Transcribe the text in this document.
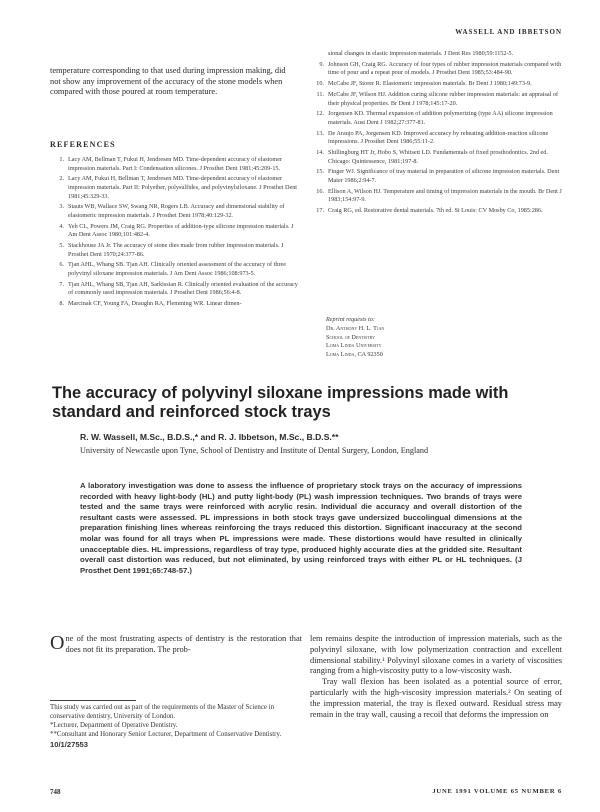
WASSELL AND IBBETSON
temperature corresponding to that used during impression making, did not show any improvement of the accuracy of the stone models when compared with those poured at room temperature.
REFERENCES
1. Lacy AM, Bellman T, Fukui H, Jendresen MD. Time-dependent accuracy of elastomer impression materials. Part I: Condensation silicones. J Prosthet Dent 1981;45:209-15.
2. Lacy AM, Fukui H, Bellman T, Jendresen MD. Time-dependent accuracy of elastomer impression materials. Part II: Polyether, polysulfides, and polyvinylsiloxane. J Prosthet Dent 1981;45:329-33.
3. Stauts WB, Wallace SW, Swang NR, Rogers LB. Accuracy and dimensional stability of elastomeric impression materials. J Prosthet Dent 1978;40:129-32.
4. Yeh CL, Powers JM, Craig RG. Properties of addition-type silicone impression materials. J Am Dent Assoc 1980;101:482-4.
5. Stackhouse JA Jr. The accuracy of stone dies made from rubber impression materials. J Prosthet Dent 1970;24:377-86.
6. Tjan AHL, Whang SB. Tjan AH. Clinically oriented assessment of the accuracy of three polyvinyl siloxane impression materials. J Am Dent Assoc 1986;108:973-5.
7. Tjan AHL, Whang SB, Tjan AH, Sarkissian R. Clinically oriented evaluation of the accuracy of commonly used impression materials. J Prosthet Dent 1986;56:4-8.
8. Marcinak CF, Young FA, Draughn RA, Flemming WR. Linear dimen-
sional changes in elastic impression materials. J Dent Res 1980;59:1152-5.
9. Johnson GH, Craig RG. Accuracy of four types of rubber impression materials compared with time of pour and a repeat pour of models. J Prosthet Dent 1985;53:484-90.
10. McCabe JF, Storer R. Elastomeric impression materials. Br Dent J 1980;149:73-9.
11. McCabe JF, Wilson HJ. Addition curing silicone rubber impression materials: an appraisal of their physical properties. Br Dent J 1978;145:17-20.
12. Jorgensen KD. Thermal expansion of addition polymerizing (type AA) silicone impression materials. Aust Dent J 1982;27:377-81.
13. De Araujo PA, Jorgensen KD. Improved accuracy by reheating addition-reaction silicone impressions. J Prosthet Dent 1986;55:11-2.
14. Shillingburg HT Jr, Hobo S, Whitsett LD. Fundamentals of fixed prosthodontics. 2nd ed. Chicago: Quintessence, 1981;197-8.
15. Finger WJ. Significance of tray material in preparation of silicone impression materials. Dent Mater 1986;2:94-7.
16. Ellison A, Wilson HJ. Temperature and timing of impression materials in the mouth. Br Dent J 1983;154:97-9.
17. Craig RG, ed. Restorative dental materials. 7th ed. St Louis: CV Mosby Co, 1985:286.
Reprint requests to:
Dr. Anthony H. L. Tjan
School of Dentistry
Loma Linda University
Loma Linda, CA 92350
The accuracy of polyvinyl siloxane impressions made with standard and reinforced stock trays
R. W. Wassell, M.Sc., B.D.S.,* and R. J. Ibbetson, M.Sc., B.D.S.**
University of Newcastle upon Tyne, School of Dentistry and Institute of Dental Surgery, London, England
A laboratory investigation was done to assess the influence of proprietary stock trays on the accuracy of impressions recorded with heavy light-body (HL) and putty light-body (PL) wash impression techniques. Two brands of trays were tested and the same trays were reinforced with acrylic resin. Individual die accuracy and overall distortion of the resultant casts were assessed. PL impressions in both stock trays gave undersized buccolingual dimensions at the preparation finishing lines whereas reinforcing the trays reduced this distortion. Significant inaccuracy at the second molar was found for all trays when PL impressions were made. These distortions would have resulted in clinically unacceptable dies. HL impressions, regardless of tray type, produced highly accurate dies at the gridded site. Resultant overall cast distortion was reduced, but not eliminated, by using reinforced trays with either PL or HL techniques. (J Prosthet Dent 1991;65:748-57.)
One of the most frustrating aspects of dentistry is the restoration that does not fit its preparation. The prob-

This study was carried out as part of the requirements of the Master of Science in conservative dentistry, University of London.

*Lecturer, Department of Operative Dentistry.

**Consultant and Honorary Senior Lecturer, Department of Conservative Dentistry.

10/1/27553

lem remains despite the introduction of impression materials, such as the polyvinyl siloxane, with low polymerization contraction and excellent dimensional stability.¹ Polyvinyl siloxane comes in a variety of viscosities ranging from a high-viscosity putty to a low-viscosity wash.

Tray wall flexion has been isolated as a potential source of error, particularly with the high-viscosity impression materials.² On seating of the impression material, the tray is flexed outward. Residual stress may remain in the tray wall, causing a recoil that deforms the impression on

748	JUNE 1991 VOLUME 65 NUMBER 6
